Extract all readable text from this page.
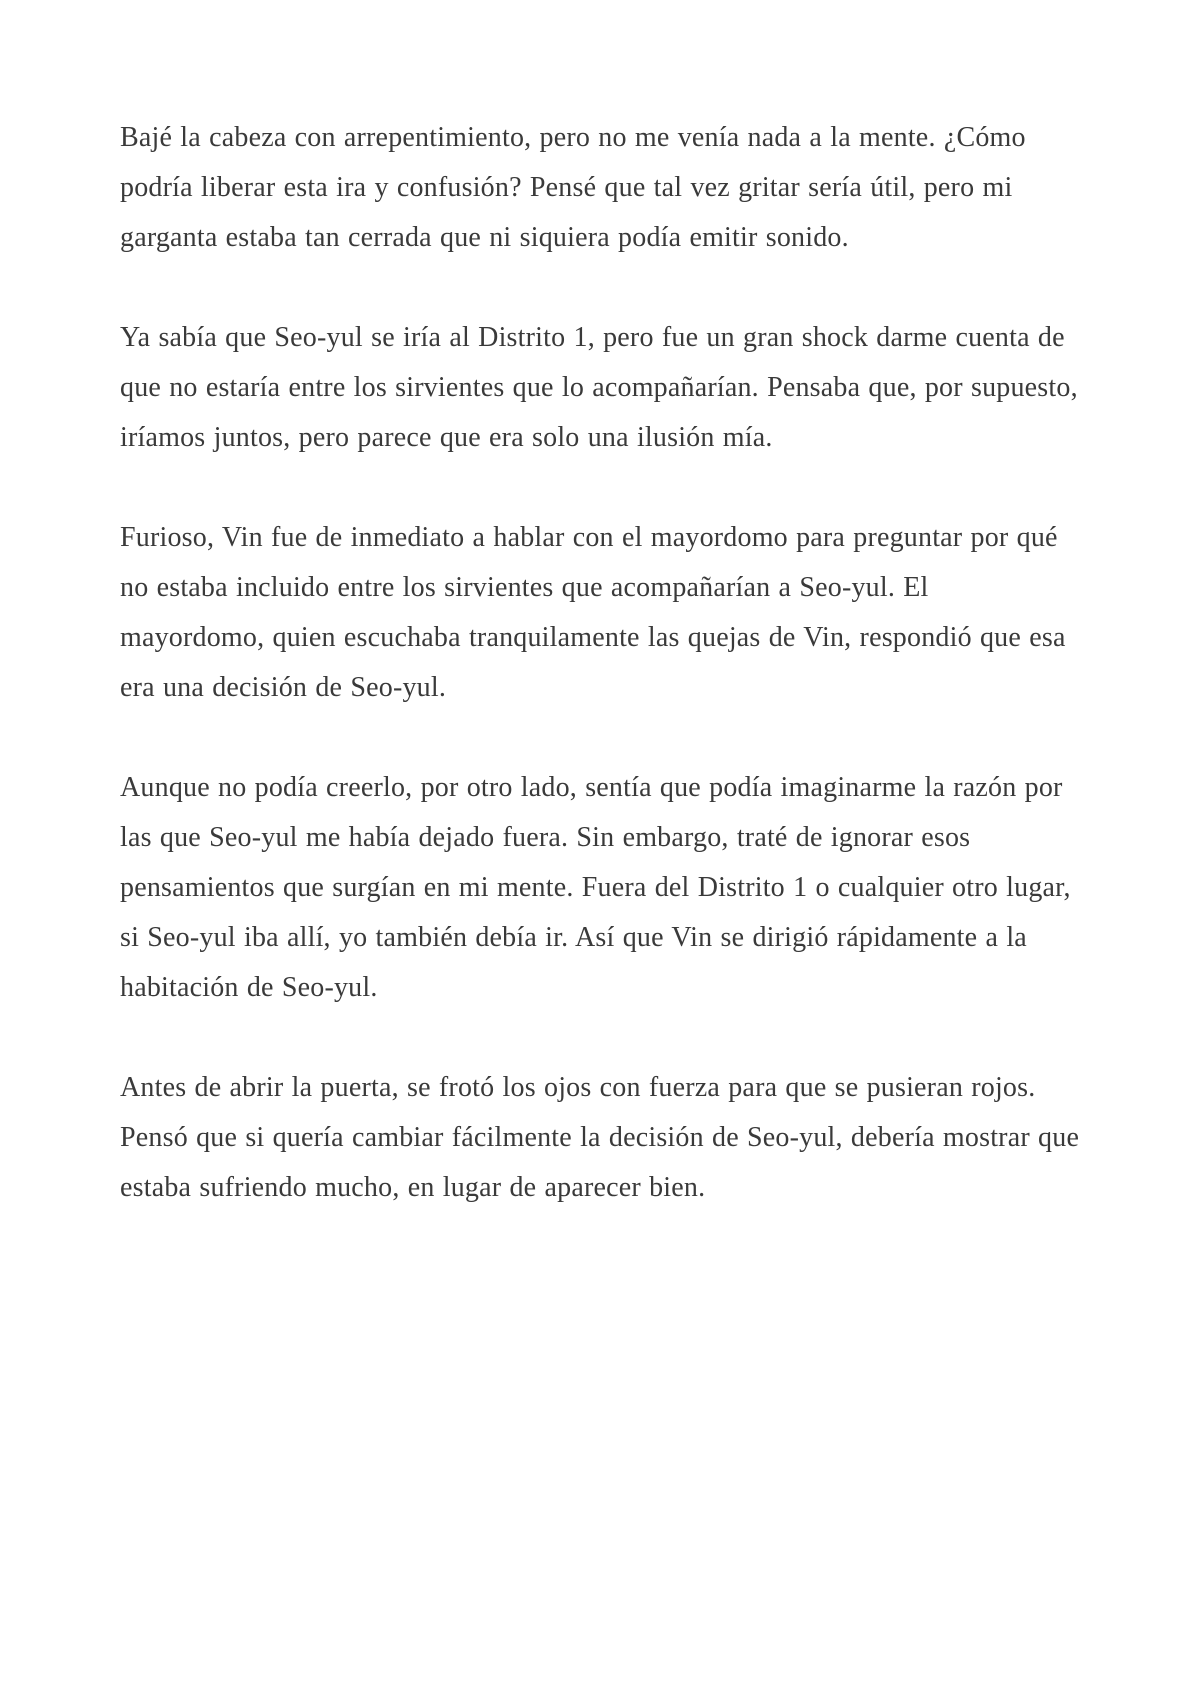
Bajé la cabeza con arrepentimiento, pero no me venía nada a la mente. ¿Cómo podría liberar esta ira y confusión? Pensé que tal vez gritar sería útil, pero mi garganta estaba tan cerrada que ni siquiera podía emitir sonido.

Ya sabía que Seo-yul se iría al Distrito 1, pero fue un gran shock darme cuenta de que no estaría entre los sirvientes que lo acompañarían. Pensaba que, por supuesto, iríamos juntos, pero parece que era solo una ilusión mía.

Furioso, Vin fue de inmediato a hablar con el mayordomo para preguntar por qué no estaba incluido entre los sirvientes que acompañarían a Seo-yul. El mayordomo, quien escuchaba tranquilamente las quejas de Vin, respondió que esa era una decisión de Seo-yul.

Aunque no podía creerlo, por otro lado, sentía que podía imaginarme la razón por las que Seo-yul me había dejado fuera. Sin embargo, traté de ignorar esos pensamientos que surgían en mi mente. Fuera del Distrito 1 o cualquier otro lugar, si Seo-yul iba allí, yo también debía ir. Así que Vin se dirigió rápidamente a la habitación de Seo-yul.

Antes de abrir la puerta, se frotó los ojos con fuerza para que se pusieran rojos. Pensó que si quería cambiar fácilmente la decisión de Seo-yul, debería mostrar que estaba sufriendo mucho, en lugar de aparecer bien.
